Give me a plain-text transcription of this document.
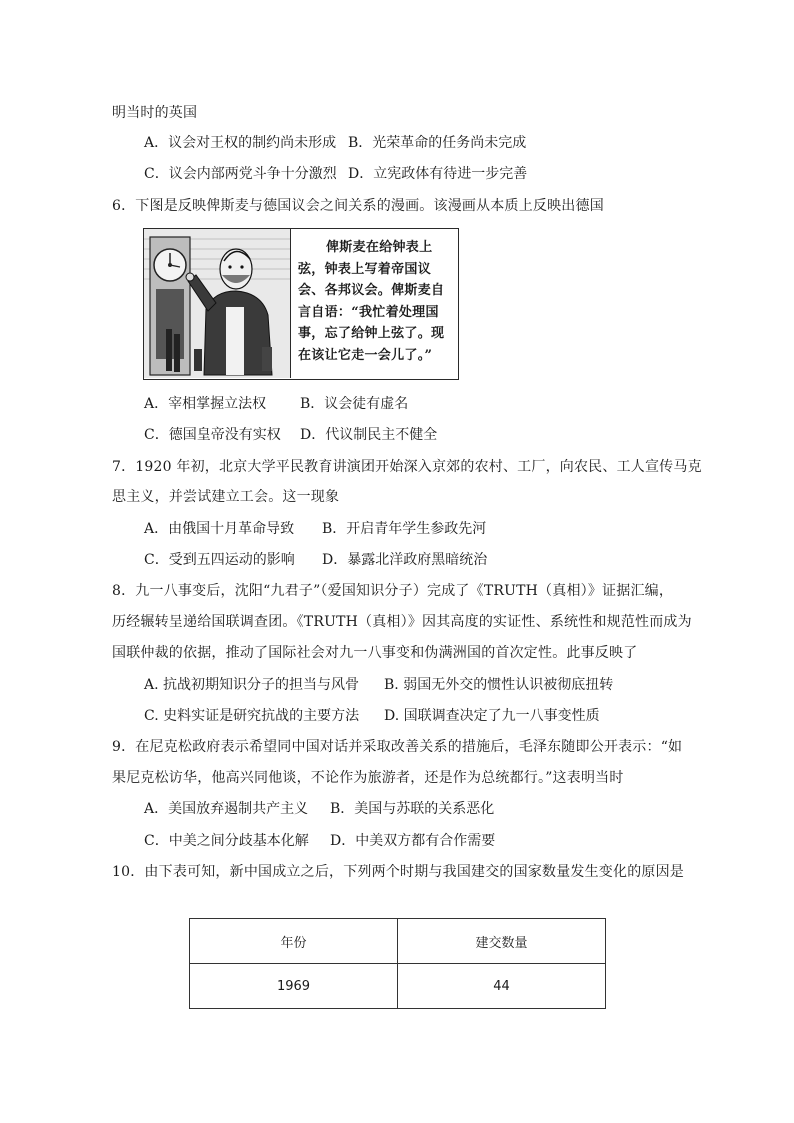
明当时的英国
A．议会对王权的制约尚未形成 B．光荣革命的任务尚未完成
C．议会内部两党斗争十分激烈 D．立宪政体有待进一步完善
6．下图是反映俾斯麦与德国议会之间关系的漫画。该漫画从本质上反映出德国
俾斯麦在给钟表上
弦，钟表上写着帝国议
会、各邦议会。俾斯麦自
言自语：“我忙着处理国
事，忘了给钟上弦了。现
在该让它走一会儿了。”
A．宰相掌握立法权 B．议会徒有虚名
C．德国皇帝没有实权 D．代议制民主不健全
7．1920 年初，北京大学平民教育讲演团开始深入京郊的农村、工厂，向农民、工人宣传马克
思主义，并尝试建立工会。这一现象
A．由俄国十月革命导致 B．开启青年学生参政先河
C．受到五四运动的影响 D．暴露北洋政府黑暗统治
8．九一八事变后，沈阳“九君子”（爱国知识分子）完成了《TRUTH（真相）》证据汇编，
历经辗转呈递给国联调查团。《TRUTH（真相）》因其高度的实证性、系统性和规范性而成为
国联仲裁的依据，推动了国际社会对九一八事变和伪满洲国的首次定性。此事反映了
A. 抗战初期知识分子的担当与风骨 B. 弱国无外交的惯性认识被彻底扭转
C. 史料实证是研究抗战的主要方法 D. 国联调查决定了九一八事变性质
9．在尼克松政府表示希望同中国对话并采取改善关系的措施后，毛泽东随即公开表示：“如
果尼克松访华，他高兴同他谈，不论作为旅游者，还是作为总统都行。”这表明当时
A．美国放弃遏制共产主义 B．美国与苏联的关系恶化
C．中美之间分歧基本化解 D．中美双方都有合作需要
10．由下表可知，新中国成立之后，下列两个时期与我国建交的国家数量发生变化的原因是
年份	建交数量
1969	44
